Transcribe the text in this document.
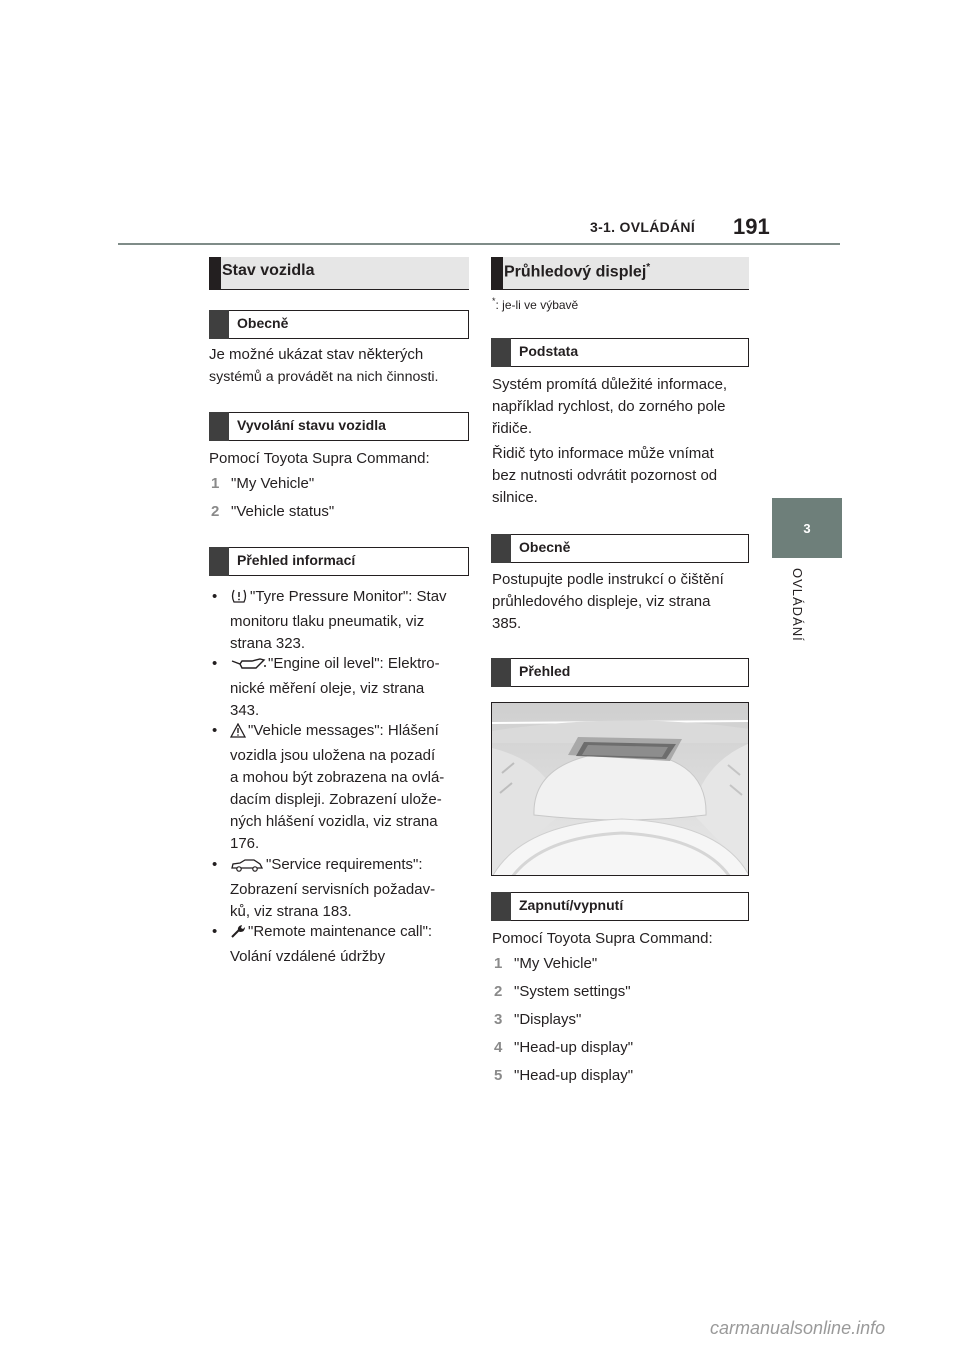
3-1. OVLÁDÁNÍ 191
3
OVLÁDÁNÍ
Stav vozidla
Obecně
Je možné ukázat stav některých
systémů a provádět na nich činnosti.
Vyvolání stavu vozidla
Pomocí Toyota Supra Command:
1 "My Vehicle"
2 "Vehicle status"
Přehled informací
•	"Tyre Pressure Monitor": Stav
monitoru tlaku pneumatik, viz
strana 323.
•	"Engine oil level": Elektro-
nické měření oleje, viz strana
343.
•	"Vehicle messages": Hlášení
vozidla jsou uložena na pozadí
a mohou být zobrazena na ovlá-
dacím displeji. Zobrazení ulože-
ných hlášení vozidla, viz strana
176.
•	"Service requirements":
Zobrazení servisních požadav-
ků, viz strana 183.
•	"Remote maintenance call":
Volání vzdálené údržby
Průhledový displej*
*: je-li ve výbavě
Podstata
Systém promítá důležité informace,
například rychlost, do zorného pole
řidiče.
Řidič tyto informace může vnímat
bez nutnosti odvrátit pozornost od
silnice.
Obecně
Postupujte podle instrukcí o čištění
průhledového displeje, viz strana
385.
Přehled
Zapnutí/vypnutí
Pomocí Toyota Supra Command:
1 "My Vehicle"
2 "System settings"
3 "Displays"
4 "Head-up display"
5 "Head-up display"
carmanualsonline.info
